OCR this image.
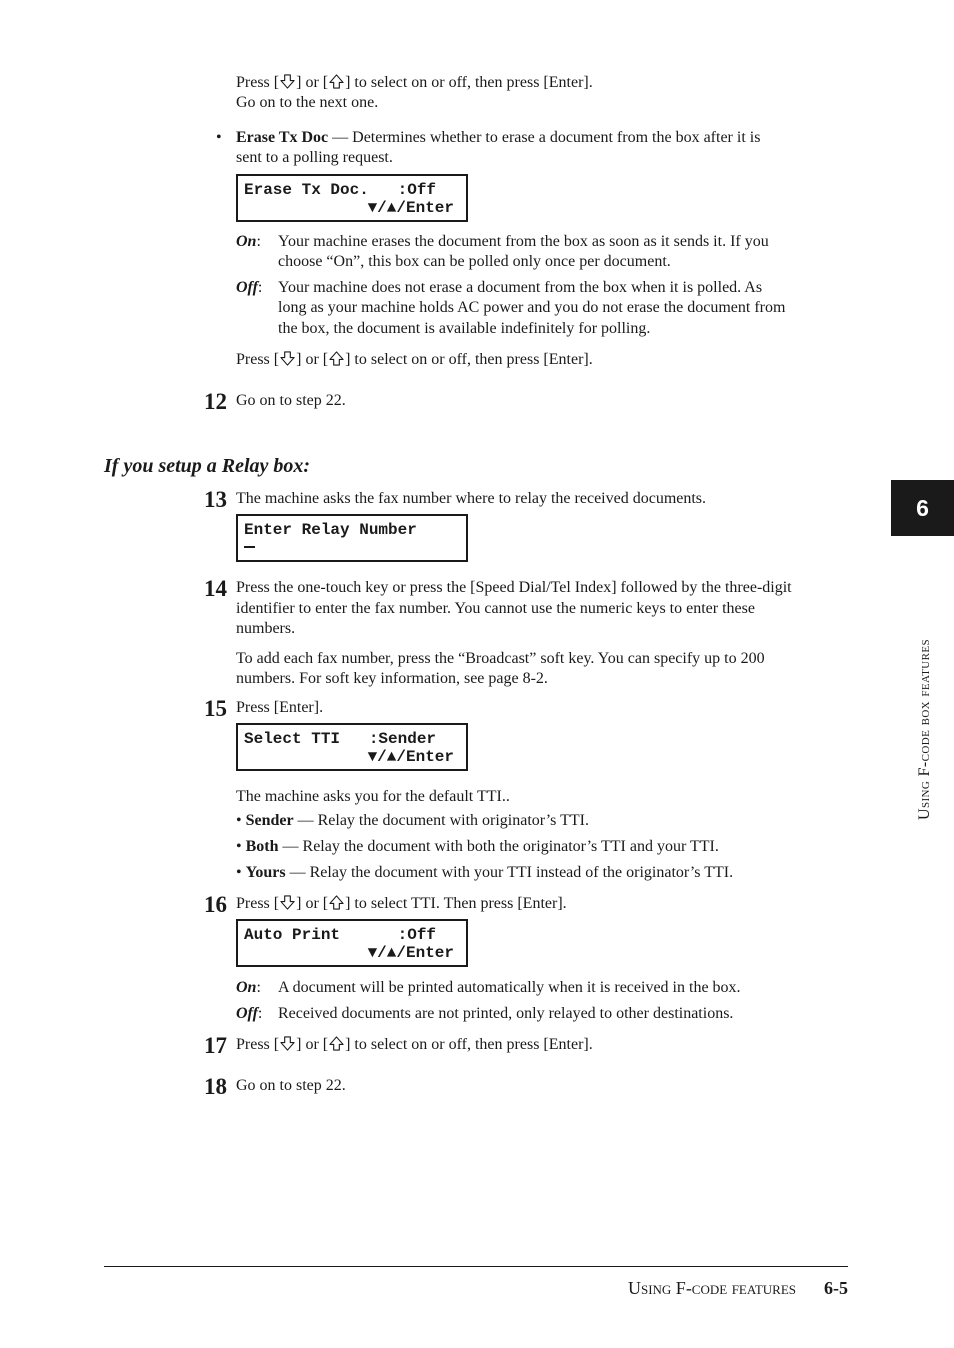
Press [ ] or [ ] to select on or off, then press [Enter].
Go on to the next one.
• Erase Tx Doc — Determines whether to erase a document from the box after it is
sent to a polling request.
Erase Tx Doc.   :Off
▼/▲/Enter
On: Your machine erases the document from the box as soon as it sends it. If you
choose “On”, this box can be polled only once per document.
Off: Your machine does not erase a document from the box when it is polled. As
long as your machine holds AC power and you do not erase the document from
the box, the document is available indefinitely for polling.
Press [ ] or [ ] to select on or off, then press [Enter].
12 Go on to step 22.
If you setup a Relay box:
13 The machine asks the fax number where to relay the received documents.
Enter Relay Number
14 Press the one-touch key or press the [Speed Dial/Tel Index] followed by the three-digit
identifier to enter the fax number. You cannot use the numeric keys to enter these
numbers.
To add each fax number, press the “Broadcast” soft key. You can specify up to 200
numbers. For soft key information, see page 8-2.
15 Press [Enter].
Select TTI   :Sender
▼/▲/Enter
The machine asks you for the default TTI..
• Sender — Relay the document with originator’s TTI.
• Both — Relay the document with both the originator’s TTI and your TTI.
• Yours — Relay the document with your TTI instead of the originator’s TTI.
16 Press [ ] or [ ] to select TTI. Then press [Enter].
Auto Print      :Off
▼/▲/Enter
On: A document will be printed automatically when it is received in the box.
Off: Received documents are not printed, only relayed to other destinations.
17 Press [ ] or [ ] to select on or off, then press [Enter].
18 Go on to step 22.
6
Using F-code box features
Using F-code features 6-5
